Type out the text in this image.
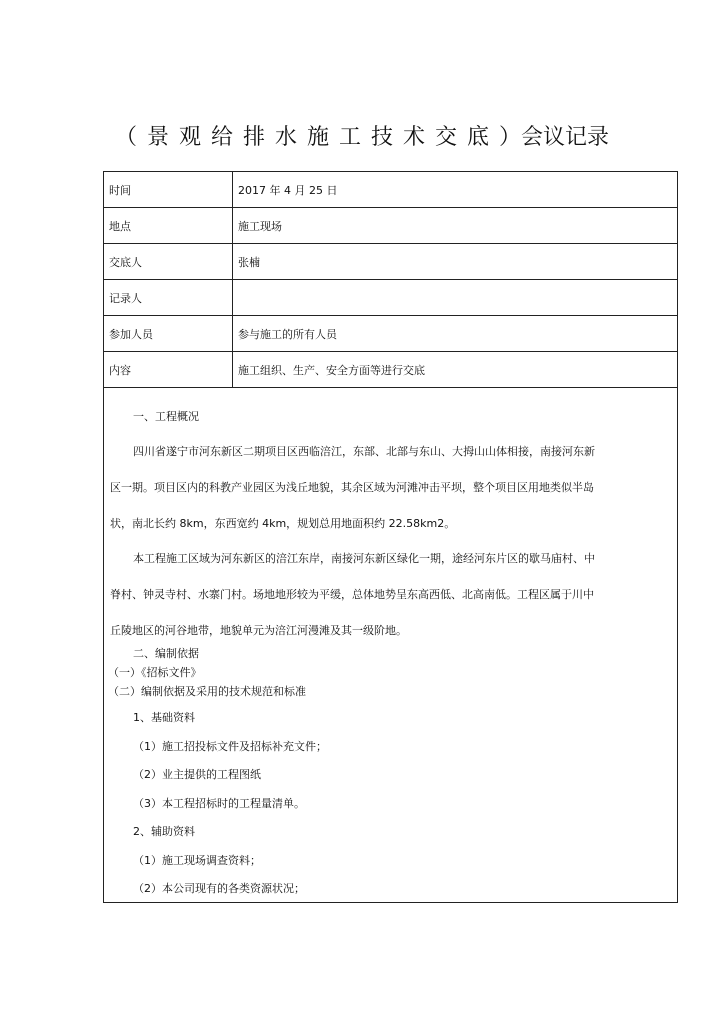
（景观给排水施工技术交底）会议记录
时间	2017 年 4 月 25 日
地点	施工现场
交底人	张楠
记录人	
参加人员	参与施工的所有人员
内容	施工组织、生产、安全方面等进行交底
一、工程概况
四川省遂宁市河东新区二期项目区西临涪江，东部、北部与东山、大拇山山体相接，南接河东新
区一期。项目区内的科教产业园区为浅丘地貌，其余区域为河滩冲击平坝，整个项目区用地类似半岛
状，南北长约 8km，东西宽约 4km，规划总用地面积约 22.58km2。
本工程施工区域为河东新区的涪江东岸，南接河东新区绿化一期，途经河东片区的歇马庙村、中
脊村、钟灵寺村、水寨门村。场地地形较为平缓，总体地势呈东高西低、北高南低。工程区属于川中
丘陵地区的河谷地带，地貌单元为涪江河漫滩及其一级阶地。
二、编制依据
（一）《招标文件》
（二）编制依据及采用的技术规范和标准
1、基础资料
（1）施工招投标文件及招标补充文件；
（2）业主提供的工程图纸
（3）本工程招标时的工程量清单。
2、辅助资料
（1）施工现场调查资料；
（2）本公司现有的各类资源状况；
